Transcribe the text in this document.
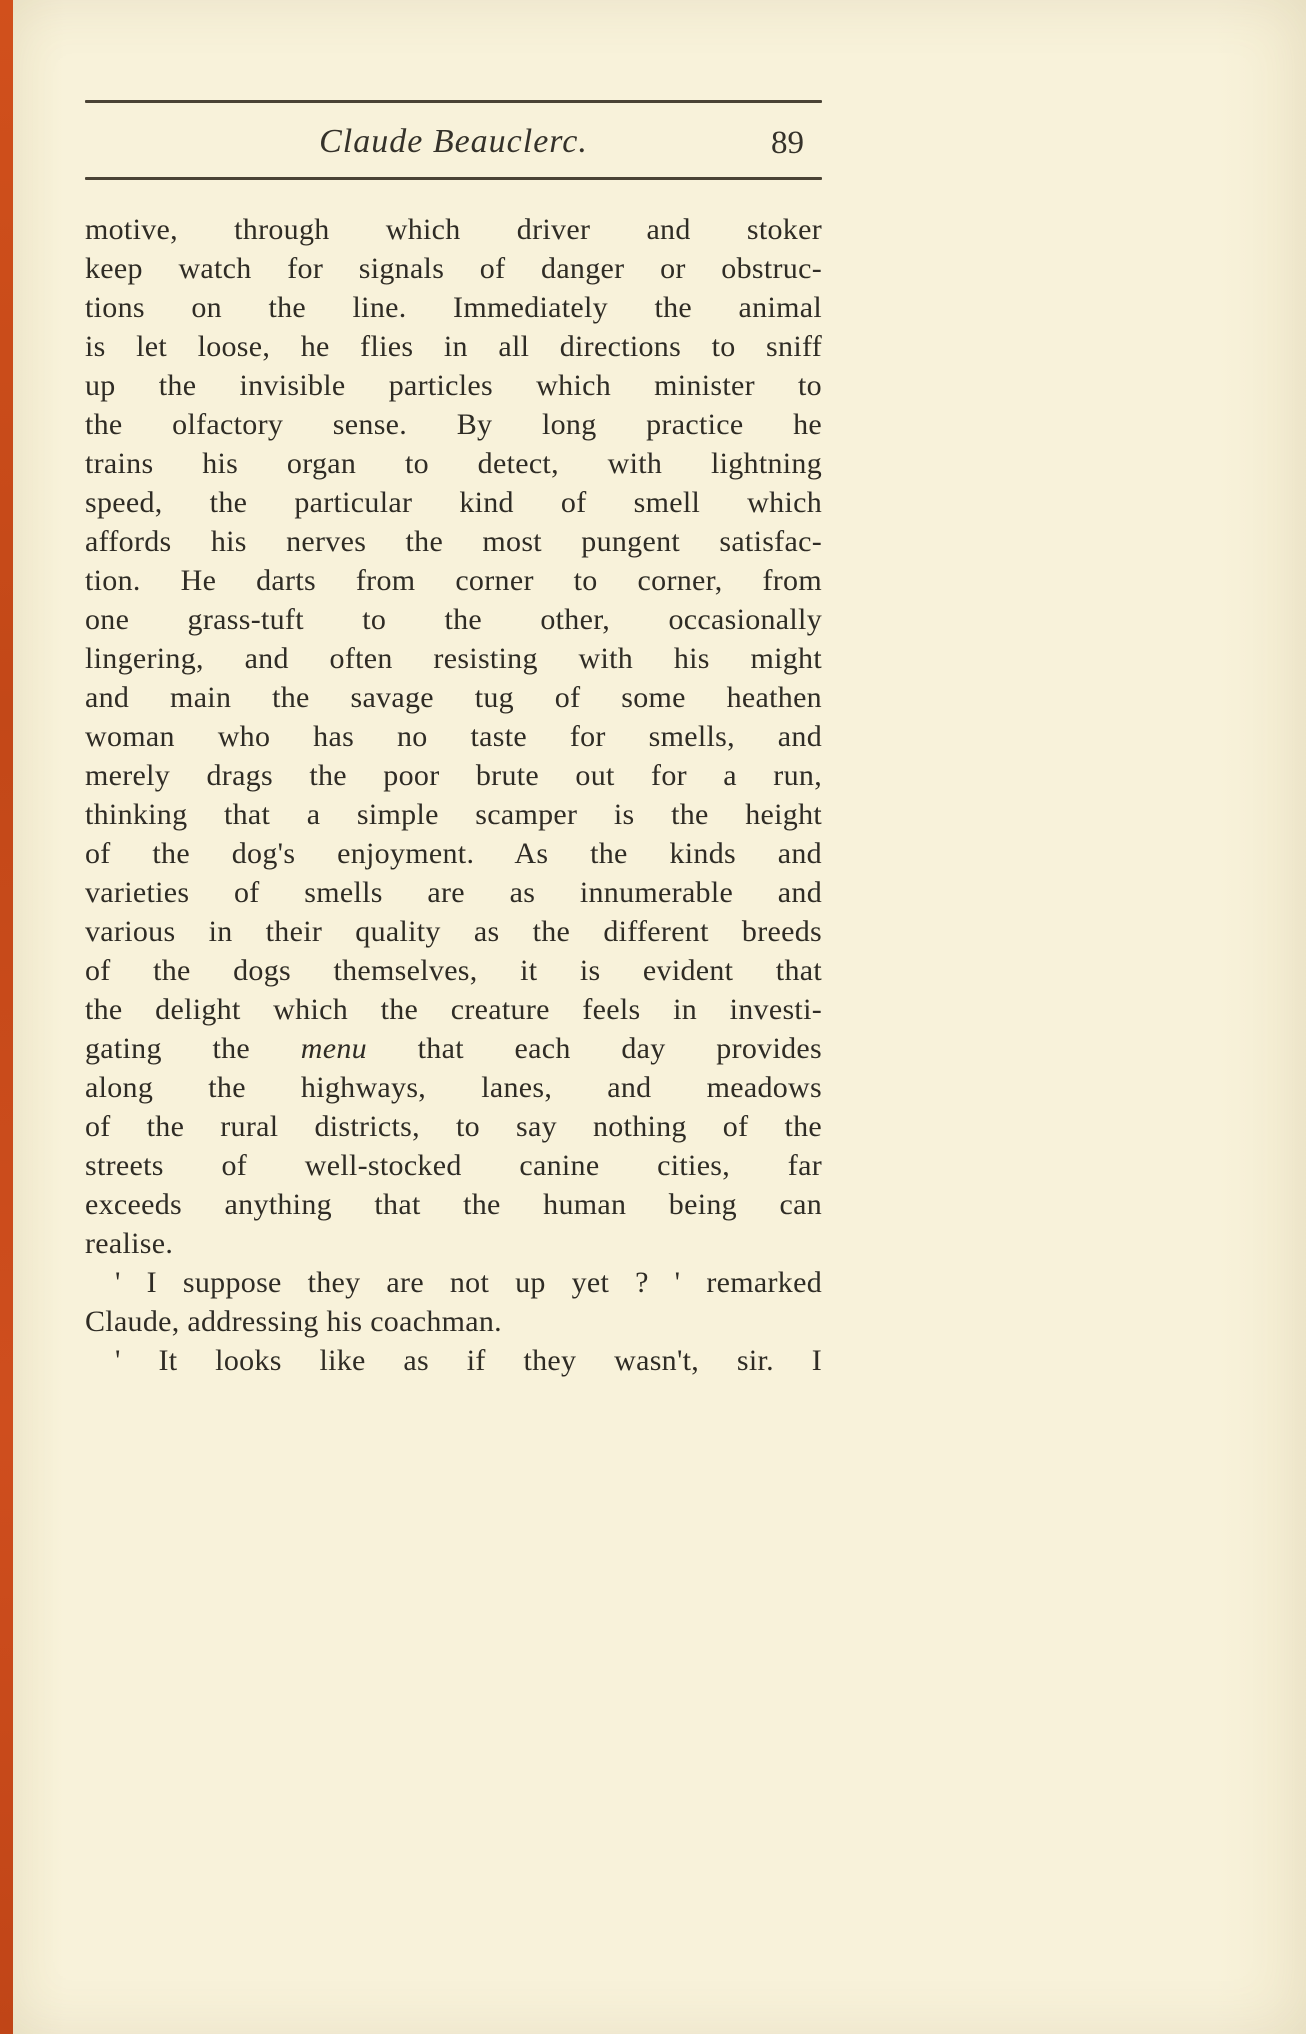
Claude Beauclerc.	89
motive, through which driver and stoker
keep watch for signals of danger or obstruc-
tions on the line. Immediately the animal
is let loose, he flies in all directions to sniff
up the invisible particles which minister to
the olfactory sense. By long practice he
trains his organ to detect, with lightning
speed, the particular kind of smell which
affords his nerves the most pungent satisfac-
tion. He darts from corner to corner, from
one grass-tuft to the other, occasionally
lingering, and often resisting with his might
and main the savage tug of some heathen
woman who has no taste for smells, and
merely drags the poor brute out for a run,
thinking that a simple scamper is the height
of the dog's enjoyment. As the kinds and
varieties of smells are as innumerable and
various in their quality as the different breeds
of the dogs themselves, it is evident that
the delight which the creature feels in investi-
gating the menu that each day provides
along the highways, lanes, and meadows
of the rural districts, to say nothing of the
streets of well-stocked canine cities, far
exceeds anything that the human being can
realise.
' I suppose they are not up yet ? ' remarked
Claude, addressing his coachman.
' It looks like as if they wasn't, sir. I
